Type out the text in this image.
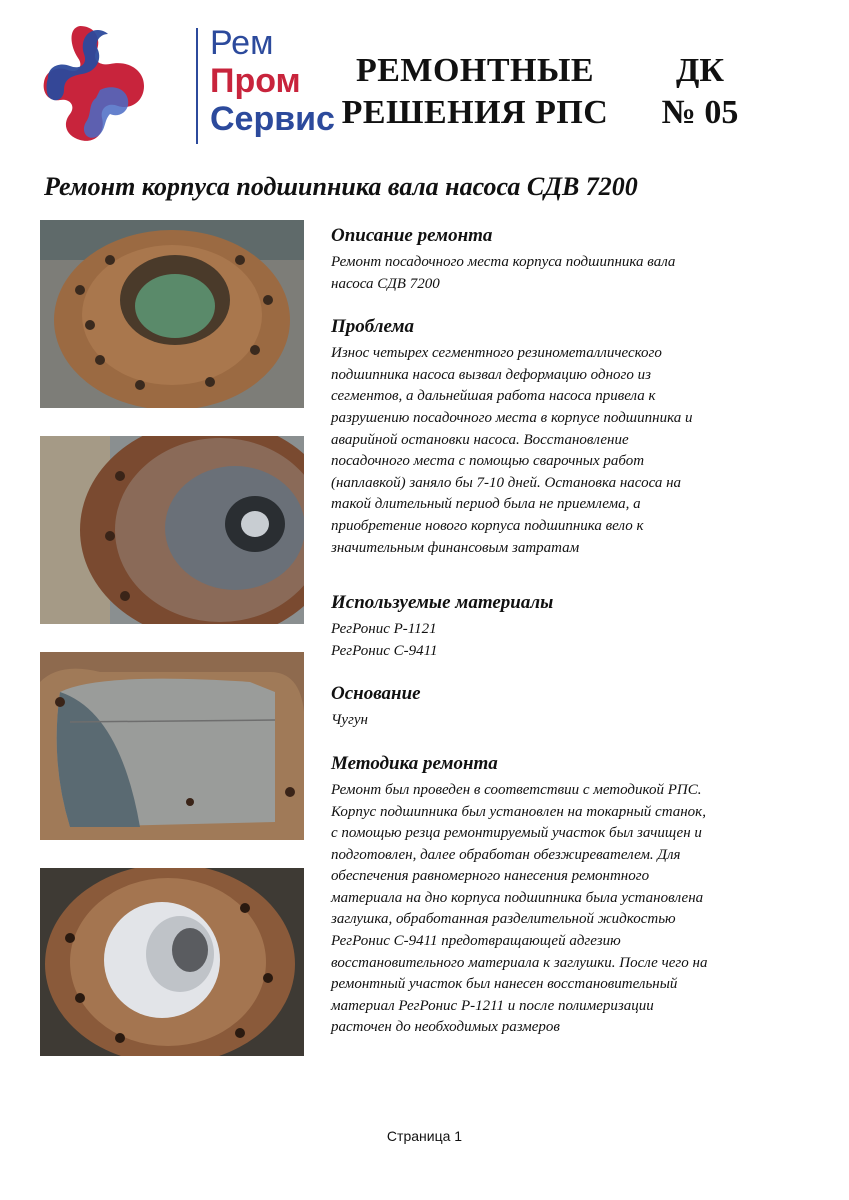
Рем
Пром
Сервис
РЕМОНТНЫЕ
РЕШЕНИЯ РПС
ДК
№ 05
Ремонт корпуса подшипника вала насоса СДВ 7200
Описание ремонта

Ремонт посадочного места корпуса подшипника вала
насоса СДВ 7200

Проблема

Износ четырех сегментного резинометаллического
подшипника насоса вызвал деформацию одного из
сегментов, а дальнейшая работа насоса привела к
разрушению посадочного места в корпусе подшипника и
аварийной остановки насоса. Восстановление
посадочного места с помощью сварочных работ
(наплавкой) заняло бы 7-10 дней. Остановка насоса на
такой длительный период была не приемлема, а
приобретение нового корпуса подшипника вело к
значительным финансовым затратам

Используемые материалы

РегРонис Р-1121
РегРонис С-9411

Основание

Чугун

Методика ремонта

Ремонт был проведен в соответствии с методикой РПС.
Корпус подшипника был установлен на токарный станок,
с помощью резца ремонтируемый участок был зачищен и
подготовлен, далее обработан обезжиревателем. Для
обеспечения равномерного нанесения ремонтного
материала на дно корпуса подшипника была установлена
заглушка, обработанная разделительной жидкостью
РегРонис С-9411 предотвращающей адгезию
восстановительного материала к заглушки. После чего на
ремонтный участок был нанесен восстановительный
материал РегРонис Р-1211 и после полимеризации
расточен до необходимых размеров

Страница 1
